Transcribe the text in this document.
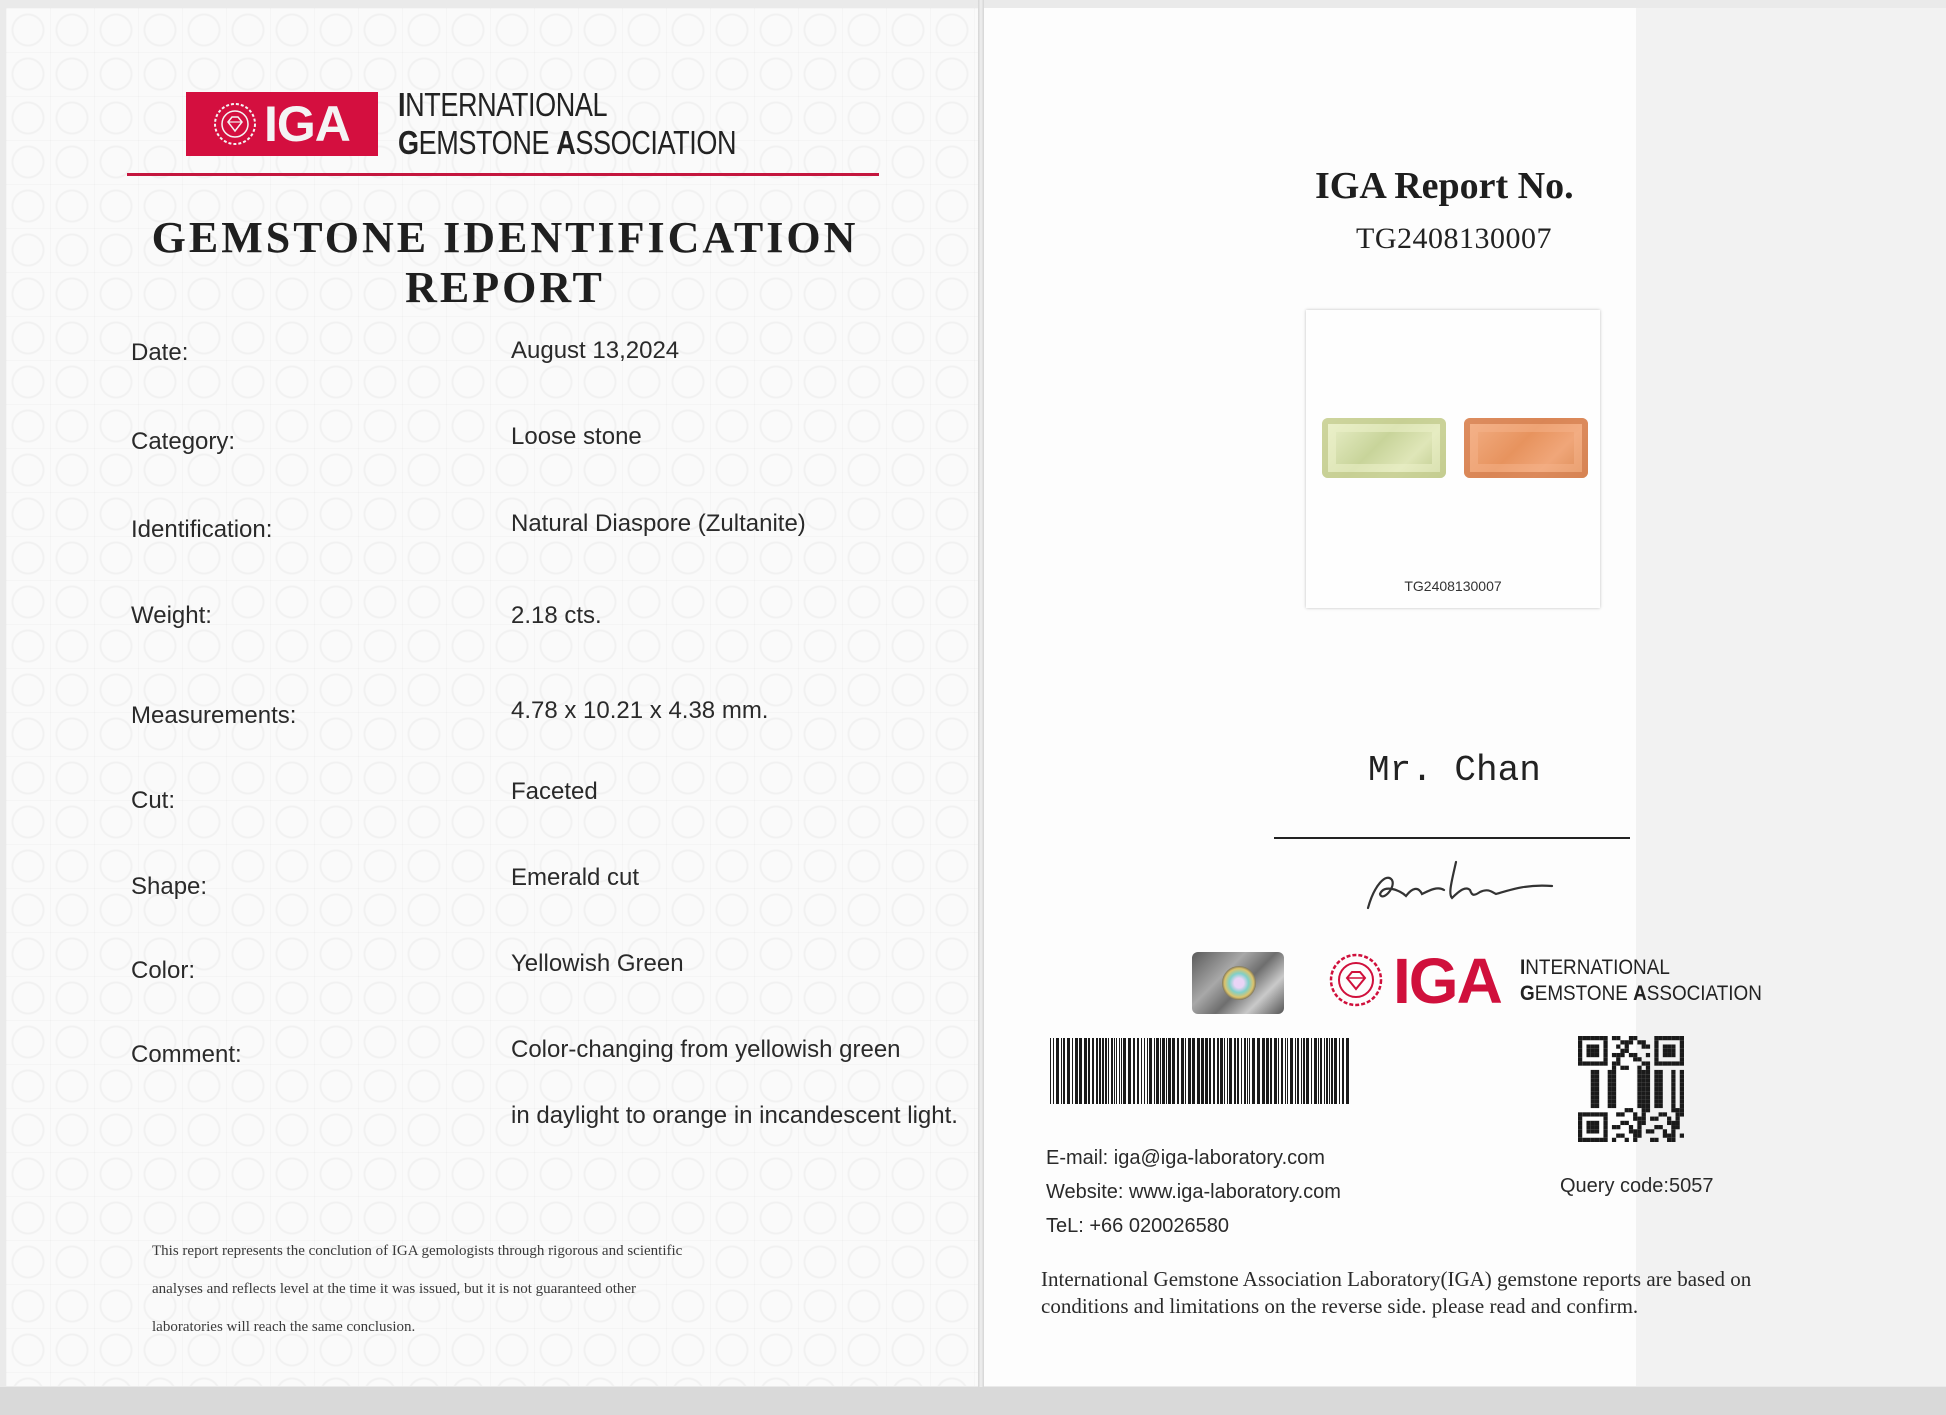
IGA INTERNATIONAL
GEMSTONE ASSOCIATION
GEMSTONE IDENTIFICATION
REPORT
Date:	August 13,2024
Category:	Loose stone
Identification:	Natural Diaspore (Zultanite)
Weight:	2.18 cts.
Measurements:	4.78 x 10.21 x 4.38 mm.
Cut:	Faceted
Shape:	Emerald cut
Color:	Yellowish Green
Comment:	Color-changing from yellowish green
in daylight to orange in incandescent light.
This report represents the conclution of IGA gemologists through rigorous and scientific
analyses and reflects level at the time it was issued, but it is not guaranteed other
laboratories will reach the same conclusion.
IGA Report No.
TG2408130007
TG2408130007
Mr. Chan
IGA INTERNATIONAL
GEMSTONE ASSOCIATION
E-mail: iga@iga-laboratory.com
Website: www.iga-laboratory.com
TeL: +66 020026580
Query code:5057
International Gemstone Association Laboratory(IGA) gemstone reports are based on
conditions and limitations on the reverse side. please read and confirm.
